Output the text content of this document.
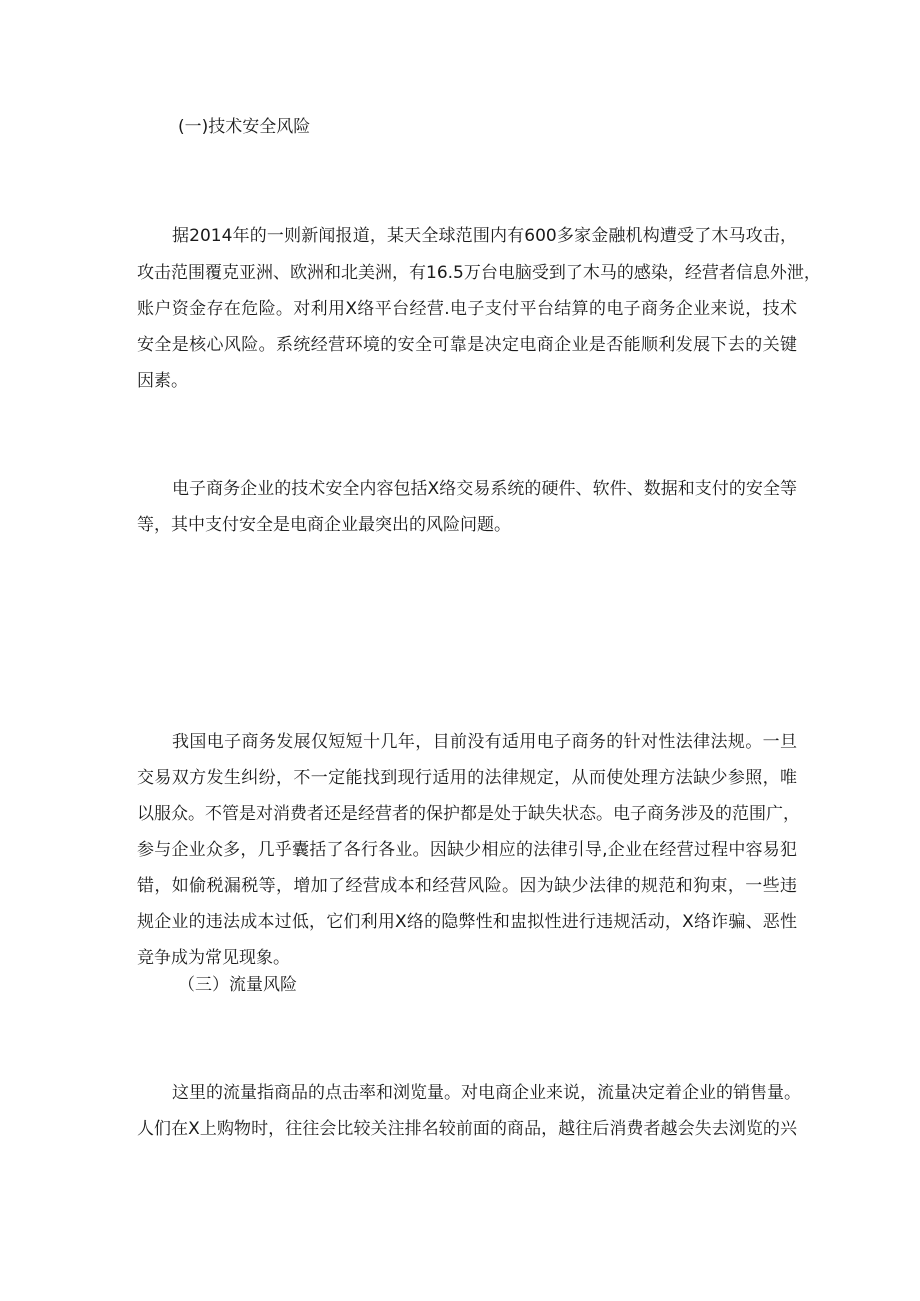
(一)技术安全风险
据2014年的一则新闻报道，某天全球范围内有600多家金融机构遭受了木马攻击，
攻击范围覆克亚洲、欧洲和北美洲，有16.5万台电脑受到了木马的感染，经营者信息外泄，
账户资金存在危险。对利用X络平台经营.电子支付平台结算的电子商务企业来说，技术
安全是核心风险。系统经营环境的安全可靠是决定电商企业是否能顺利发展下去的关键
因素。
电子商务企业的技术安全内容包括X络交易系统的硬件、软件、数据和支付的安全等
等，其中支付安全是电商企业最突出的风险问题。
我国电子商务发展仅短短十几年，目前没有适用电子商务的针对性法律法规。一旦
交易双方发生纠纷，不一定能找到现行适用的法律规定，从而使处理方法缺少参照，唯
以服众。不管是对消费者还是经营者的保护都是处于缺失状态。电子商务涉及的范围广，
参与企业众多，几乎囊括了各行各业。因缺少相应的法律引导,企业在经营过程中容易犯
错，如偷税漏税等，增加了经营成本和经营风险。因为缺少法律的规范和狗束，一些违
规企业的违法成本过低，它们利用X络的隐弊性和盅拟性进行违规活动，X络诈骗、恶性
竞争成为常见现象。
（三）流量风险
这里的流量指商品的点击率和浏览量。对电商企业来说，流量决定着企业的销售量。
人们在X上购物时，往往会比较关注排名较前面的商品，越往后消费者越会失去浏览的兴
